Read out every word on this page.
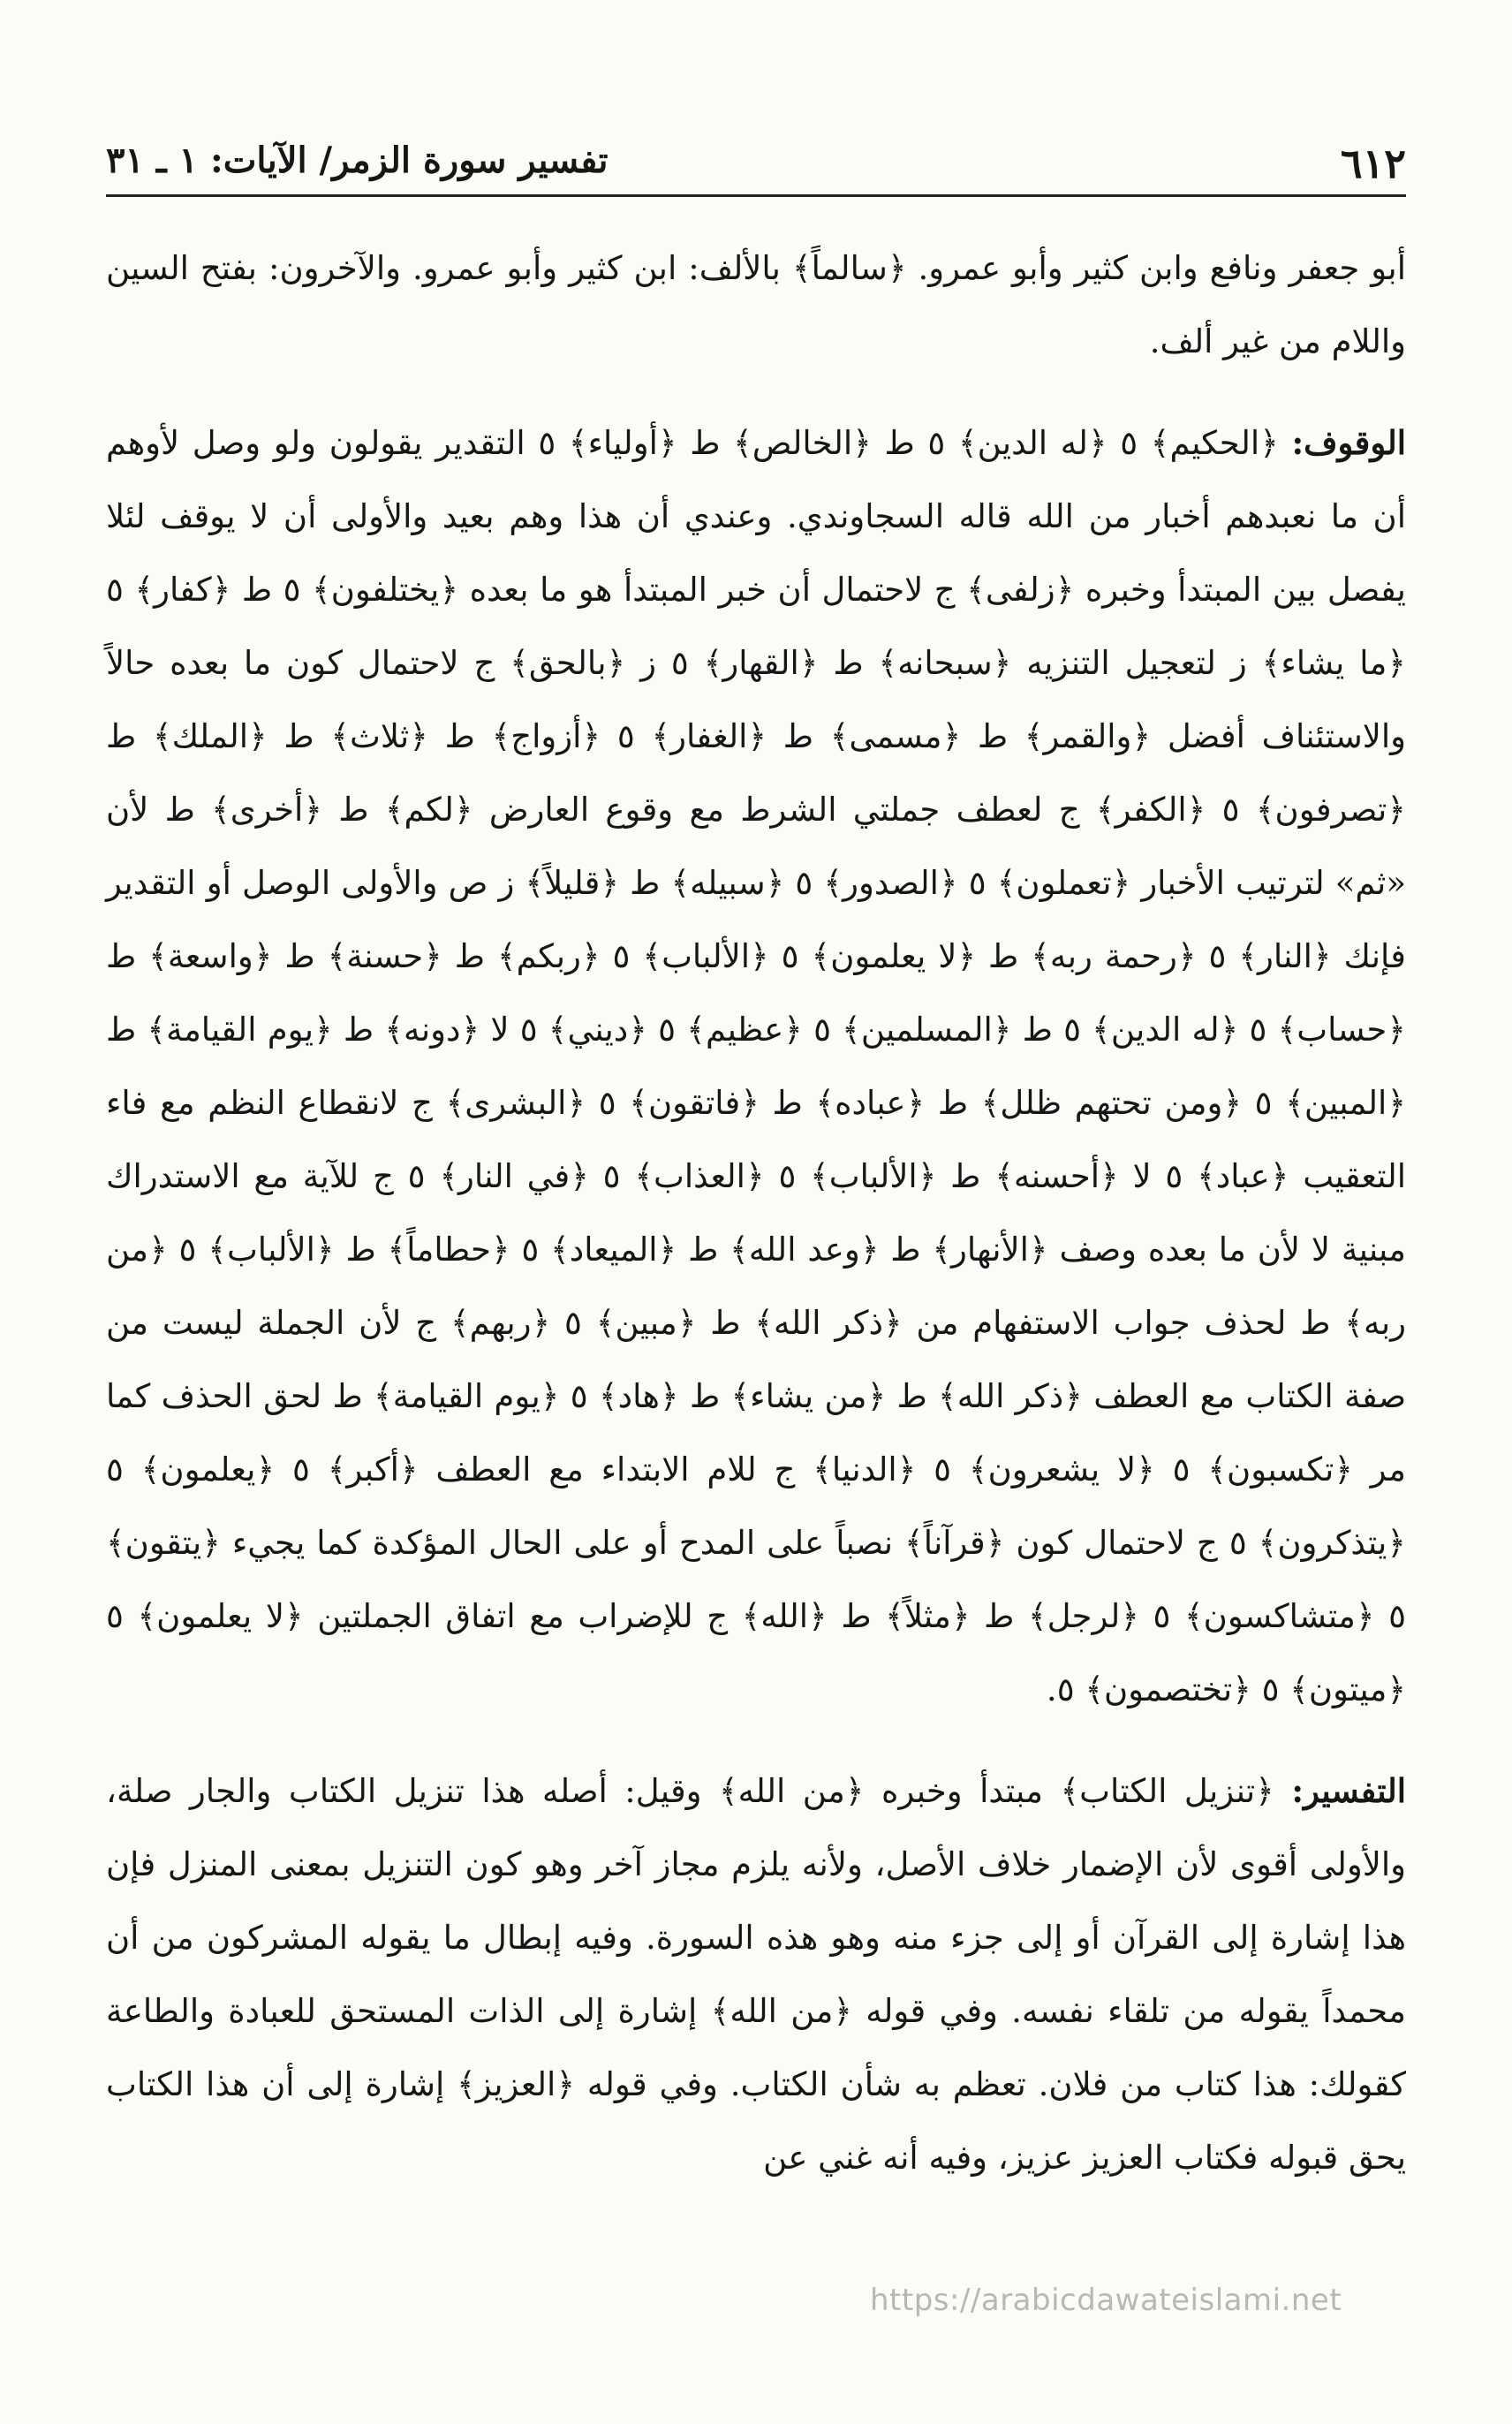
٦١٢
تفسير سورة الزمر/ الآيات: ١ ـ ٣١

أبو جعفر ونافع وابن كثير وأبو عمرو. ﴿سالماً﴾ بالألف: ابن كثير وأبو عمرو. والآخرون: بفتح السين واللام من غير ألف.

الوقوف: ﴿الحكيم﴾ ٥ ﴿له الدين﴾ ٥ ط ﴿الخالص﴾ ط ﴿أولياء﴾ ٥ التقدير يقولون ولو وصل لأوهم أن ما نعبدهم أخبار من الله قاله السجاوندي. وعندي أن هذا وهم بعيد والأولى أن لا يوقف لئلا يفصل بين المبتدأ وخبره ﴿زلفى﴾ ج لاحتمال أن خبر المبتدأ هو ما بعده ﴿يختلفون﴾ ٥ ط ﴿كفار﴾ ٥ ﴿ما يشاء﴾ ز لتعجيل التنزيه ﴿سبحانه﴾ ط ﴿القهار﴾ ٥ ز ﴿بالحق﴾ ج لاحتمال كون ما بعده حالاً والاستئناف أفضل ﴿والقمر﴾ ط ﴿مسمى﴾ ط ﴿الغفار﴾ ٥ ﴿أزواج﴾ ط ﴿ثلاث﴾ ط ﴿الملك﴾ ط ﴿تصرفون﴾ ٥ ﴿الكفر﴾ ج لعطف جملتي الشرط مع وقوع العارض ﴿لكم﴾ ط ﴿أخرى﴾ ط لأن «ثم» لترتيب الأخبار ﴿تعملون﴾ ٥ ﴿الصدور﴾ ٥ ﴿سبيله﴾ ط ﴿قليلاً﴾ ز ص والأولى الوصل أو التقدير فإنك ﴿النار﴾ ٥ ﴿رحمة ربه﴾ ط ﴿لا يعلمون﴾ ٥ ﴿الألباب﴾ ٥ ﴿ربكم﴾ ط ﴿حسنة﴾ ط ﴿واسعة﴾ ط ﴿حساب﴾ ٥ ﴿له الدين﴾ ٥ ط ﴿المسلمين﴾ ٥ ﴿عظيم﴾ ٥ ﴿ديني﴾ ٥ لا ﴿دونه﴾ ط ﴿يوم القيامة﴾ ط ﴿المبين﴾ ٥ ﴿ومن تحتهم ظلل﴾ ط ﴿عباده﴾ ط ﴿فاتقون﴾ ٥ ﴿البشرى﴾ ج لانقطاع النظم مع فاء التعقيب ﴿عباد﴾ ٥ لا ﴿أحسنه﴾ ط ﴿الألباب﴾ ٥ ﴿العذاب﴾ ٥ ﴿في النار﴾ ٥ ج للآية مع الاستدراك مبنية لا لأن ما بعده وصف ﴿الأنهار﴾ ط ﴿وعد الله﴾ ط ﴿الميعاد﴾ ٥ ﴿حطاماً﴾ ط ﴿الألباب﴾ ٥ ﴿من ربه﴾ ط لحذف جواب الاستفهام من ﴿ذكر الله﴾ ط ﴿مبين﴾ ٥ ﴿ربهم﴾ ج لأن الجملة ليست من صفة الكتاب مع العطف ﴿ذكر الله﴾ ط ﴿من يشاء﴾ ط ﴿هاد﴾ ٥ ﴿يوم القيامة﴾ ط لحق الحذف كما مر ﴿تكسبون﴾ ٥ ﴿لا يشعرون﴾ ٥ ﴿الدنيا﴾ ج للام الابتداء مع العطف ﴿أكبر﴾ ٥ ﴿يعلمون﴾ ٥ ﴿يتذكرون﴾ ٥ ج لاحتمال كون ﴿قرآناً﴾ نصباً على المدح أو على الحال المؤكدة كما يجيء ﴿يتقون﴾ ٥ ﴿متشاكسون﴾ ٥ ﴿لرجل﴾ ط ﴿مثلاً﴾ ط ﴿الله﴾ ج للإضراب مع اتفاق الجملتين ﴿لا يعلمون﴾ ٥ ﴿ميتون﴾ ٥ ﴿تختصمون﴾ ٥.

التفسير: ﴿تنزيل الكتاب﴾ مبتدأ وخبره ﴿من الله﴾ وقيل: أصله هذا تنزيل الكتاب والجار صلة، والأولى أقوى لأن الإضمار خلاف الأصل، ولأنه يلزم مجاز آخر وهو كون التنزيل بمعنى المنزل فإن هذا إشارة إلى القرآن أو إلى جزء منه وهو هذه السورة. وفيه إبطال ما يقوله المشركون من أن محمداً يقوله من تلقاء نفسه. وفي قوله ﴿من الله﴾ إشارة إلى الذات المستحق للعبادة والطاعة كقولك: هذا كتاب من فلان. تعظم به شأن الكتاب. وفي قوله ﴿العزيز﴾ إشارة إلى أن هذا الكتاب يحق قبوله فكتاب العزيز عزيز، وفيه أنه غني عن

https://arabicdawateislami.net
